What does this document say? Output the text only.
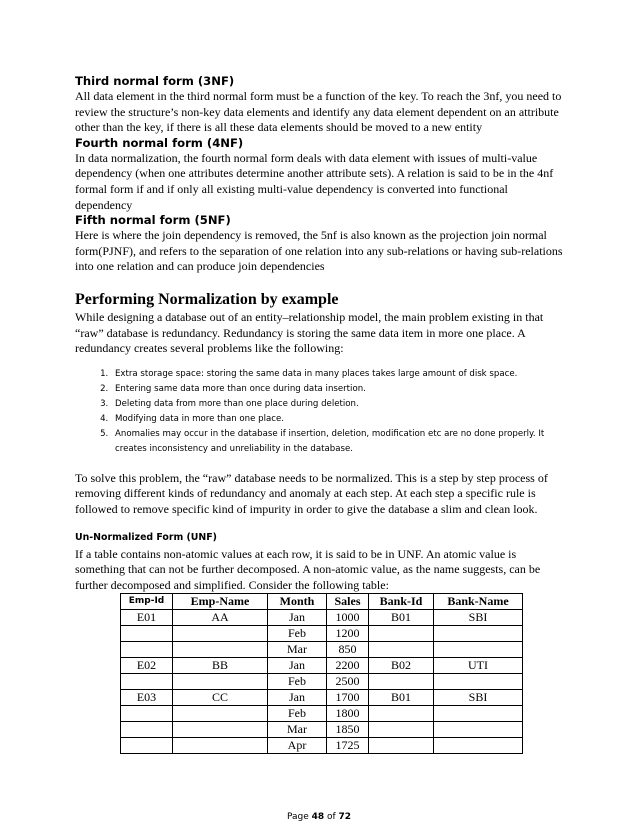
Third normal form (3NF)

All data element in the third normal form must be a function of the key. To reach the 3nf, you need to review the structure’s non-key data elements and identify any data element dependent on an attribute other than the key, if there is all these data elements should be moved to a new entity

Fourth normal form (4NF)

In data normalization, the fourth normal form deals with data element with issues of multi-value dependency (when one attributes determine another attribute sets). A relation is said to be in the 4nf formal form if and if only all existing multi-value dependency is converted into functional dependency

Fifth normal form (5NF)

Here is where the join dependency is removed, the 5nf is also known as the projection join normal form(PJNF), and refers to the separation of one relation into any sub-relations or having sub-relations into one relation and can produce join dependencies

Performing Normalization by example

While designing a database out of an entity–relationship model, the main problem existing in that “raw” database is redundancy. Redundancy is storing the same data item in more one place. A redundancy creates several problems like the following:

1. Extra storage space: storing the same data in many places takes large amount of disk space.
2. Entering same data more than once during data insertion.
3. Deleting data from more than one place during deletion.
4. Modifying data in more than one place.
5. Anomalies may occur in the database if insertion, deletion, modification etc are no done properly. It creates inconsistency and unreliability in the database.

To solve this problem, the “raw” database needs to be normalized. This is a step by step process of removing different kinds of redundancy and anomaly at each step. At each step a specific rule is followed to remove specific kind of impurity in order to give the database a slim and clean look.

Un-Normalized Form (UNF)

If a table contains non-atomic values at each row, it is said to be in UNF. An atomic value is something that can not be further decomposed. A non-atomic value, as the name suggests, can be further decomposed and simplified. Consider the following table:

Emp-Id	Emp-Name	Month	Sales	Bank-Id	Bank-Name
E01	AA	Jan	1000	B01	SBI
		Feb	1200		
		Mar	850		
E02	BB	Jan	2200	B02	UTI
		Feb	2500		
E03	CC	Jan	1700	B01	SBI
		Feb	1800		
		Mar	1850		
		Apr	1725		
Page 48 of 72
